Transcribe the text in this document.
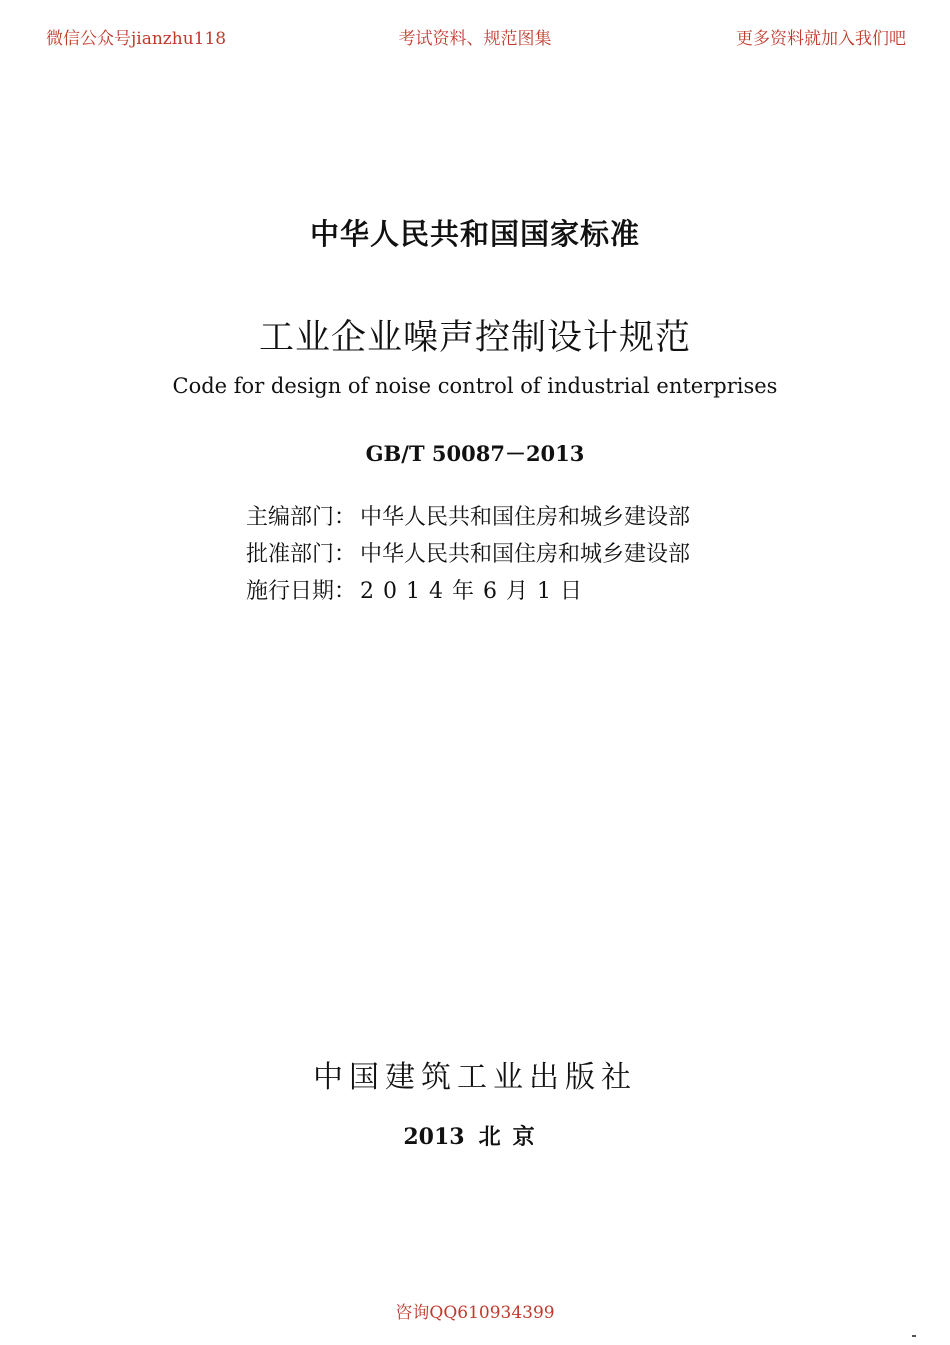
微信公众号jianzhu118	考试资料、规范图集	更多资料就加入我们吧
中华人民共和国国家标准
工业企业噪声控制设计规范
Code for design of noise control of industrial enterprises
GB/T 50087－2013
主编部门： 中华人民共和国住房和城乡建设部
批准部门： 中华人民共和国住房和城乡建设部
施行日期： 2014年6月1日
中国建筑工业出版社
2013 北京
咨询QQ610934399
